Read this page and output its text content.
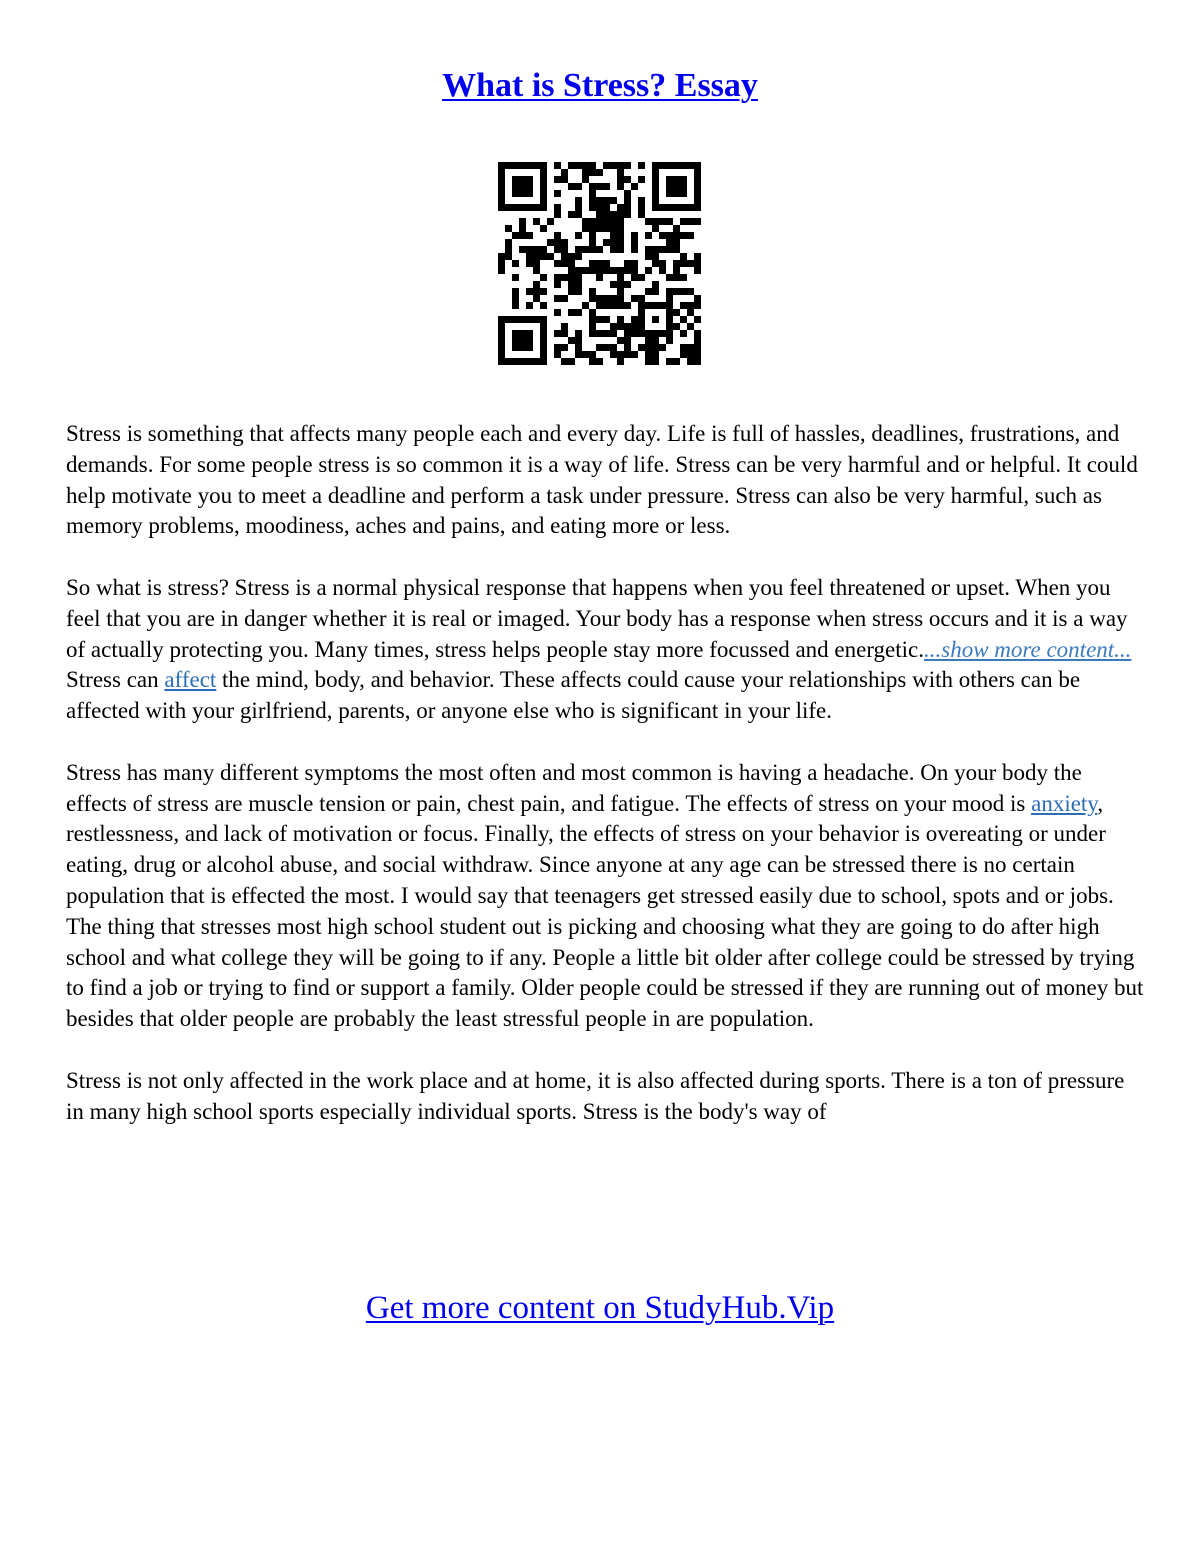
What is Stress? Essay

Stress is something that affects many people each and every day. Life is full of hassles, deadlines, frustrations, and demands. For some people stress is so common it is a way of life. Stress can be very harmful and or helpful. It could help motivate you to meet a deadline and perform a task under pressure. Stress can also be very harmful, such as memory problems, moodiness, aches and pains, and eating more or less.

So what is stress? Stress is a normal physical response that happens when you feel threatened or upset. When you feel that you are in danger whether it is real or imaged. Your body has a response when stress occurs and it is a way of actually protecting you. Many times, stress helps people stay more focussed and energetic....show more content...

Stress can affect the mind, body, and behavior. These affects could cause your relationships with others can be affected with your girlfriend, parents, or anyone else who is significant in your life.

Stress has many different symptoms the most often and most common is having a headache. On your body the effects of stress are muscle tension or pain, chest pain, and fatigue. The effects of stress on your mood is anxiety, restlessness, and lack of motivation or focus. Finally, the effects of stress on your behavior is overeating or under eating, drug or alcohol abuse, and social withdraw. Since anyone at any age can be stressed there is no certain population that is effected the most. I would say that teenagers get stressed easily due to school, spots and or jobs. The thing that stresses most high school student out is picking and choosing what they are going to do after high school and what college they will be going to if any. People a little bit older after college could be stressed by trying to find a job or trying to find or support a family. Older people could be stressed if they are running out of money but besides that older people are probably the least stressful people in are population.

Stress is not only affected in the work place and at home, it is also affected during sports. There is a ton of pressure in many high school sports especially individual sports. Stress is the body's way of

Get more content on StudyHub.Vip
